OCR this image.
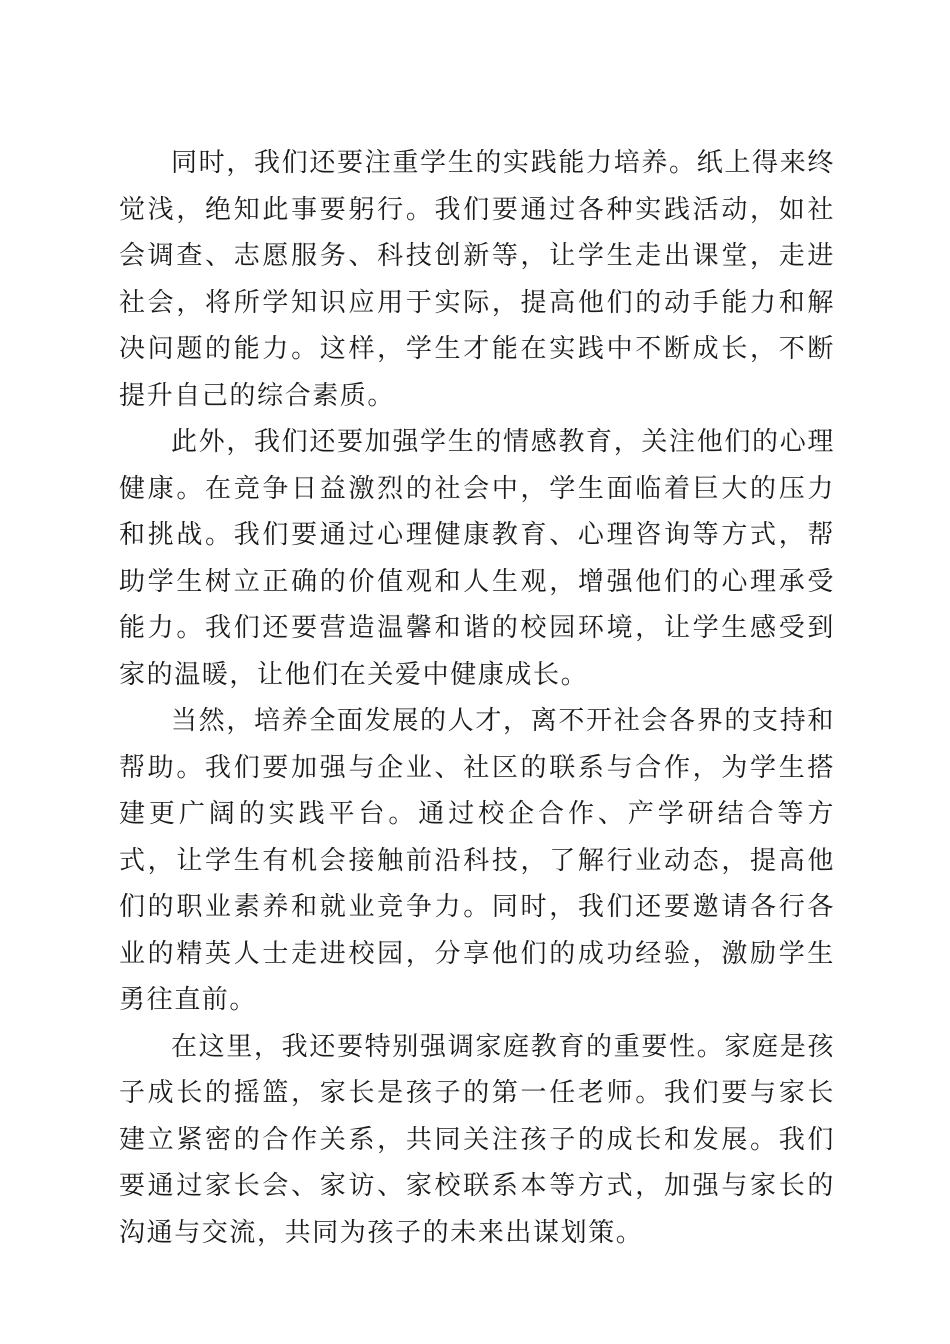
同时，我们还要注重学生的实践能力培养。纸上得来终觉浅，绝知此事要躬行。我们要通过各种实践活动，如社会调查、志愿服务、科技创新等，让学生走出课堂，走进社会，将所学知识应用于实际，提高他们的动手能力和解决问题的能力。这样，学生才能在实践中不断成长，不断提升自己的综合素质。

此外，我们还要加强学生的情感教育，关注他们的心理健康。在竞争日益激烈的社会中，学生面临着巨大的压力和挑战。我们要通过心理健康教育、心理咨询等方式，帮助学生树立正确的价值观和人生观，增强他们的心理承受能力。我们还要营造温馨和谐的校园环境，让学生感受到家的温暖，让他们在关爱中健康成长。

当然，培养全面发展的人才，离不开社会各界的支持和帮助。我们要加强与企业、社区的联系与合作，为学生搭建更广阔的实践平台。通过校企合作、产学研结合等方式，让学生有机会接触前沿科技，了解行业动态，提高他们的职业素养和就业竞争力。同时，我们还要邀请各行各业的精英人士走进校园，分享他们的成功经验，激励学生勇往直前。

在这里，我还要特别强调家庭教育的重要性。家庭是孩子成长的摇篮，家长是孩子的第一任老师。我们要与家长建立紧密的合作关系，共同关注孩子的成长和发展。我们要通过家长会、家访、家校联系本等方式，加强与家长的沟通与交流，共同为孩子的未来出谋划策。
